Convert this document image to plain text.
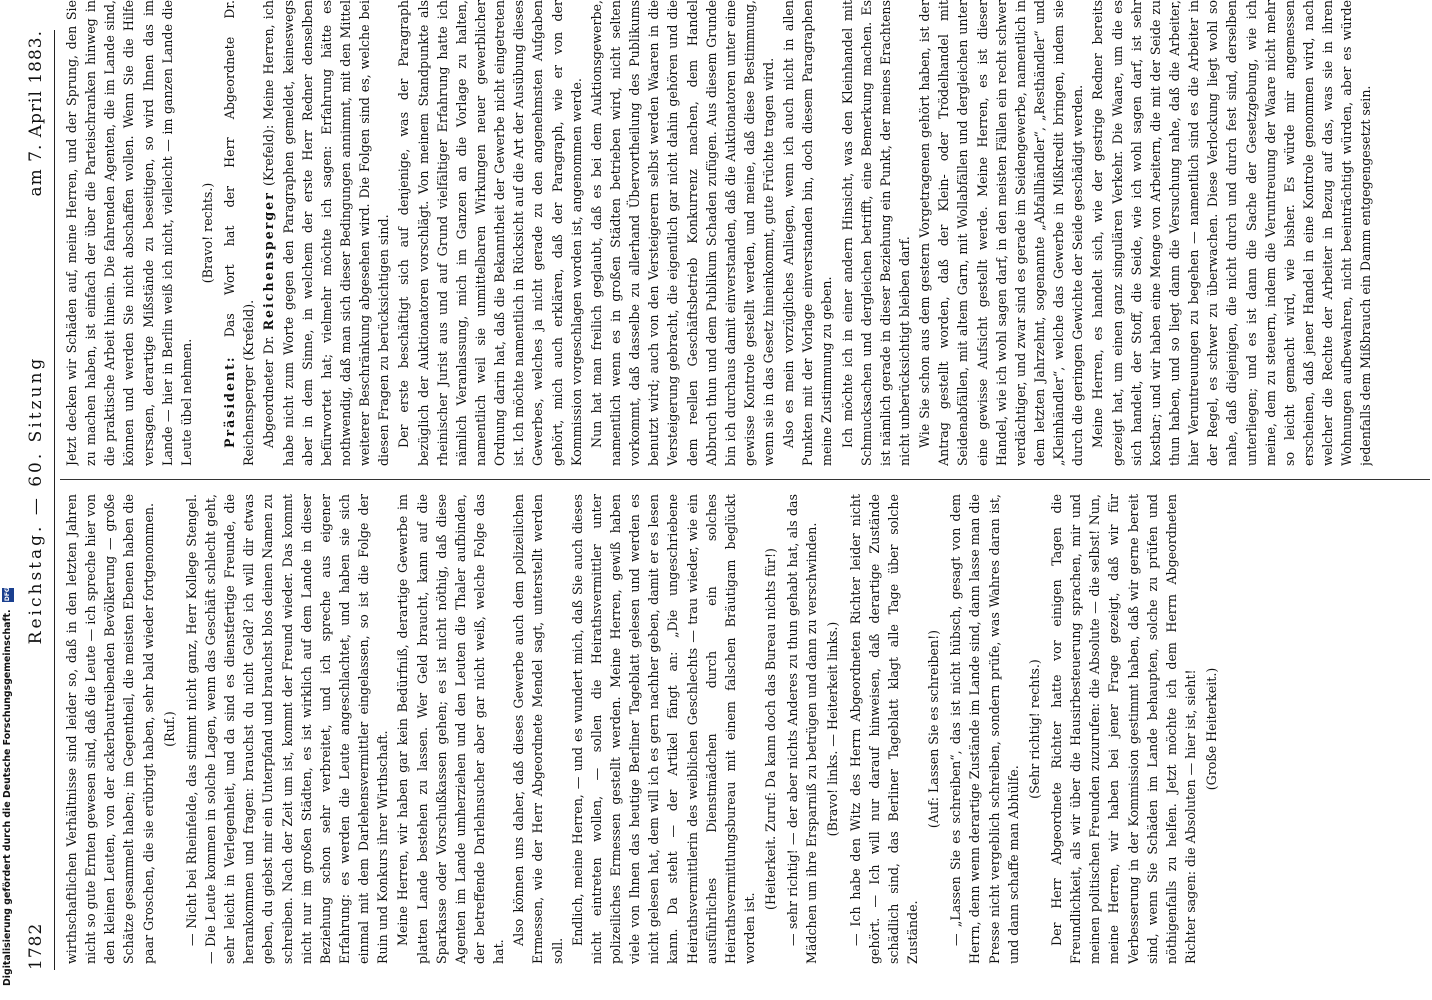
1782
Reichstag. — 60. Sitzung
am 7. April 1883.

wirthschaftlichen Verhältnisse sind leider so, daß in den letzten Jahren nicht so gute Ernten gewesen sind, daß die Leute — ich spreche hier von den kleinen Leuten, von der ackerbautreibenden Bevölkerung — große Schätze gesammelt haben; im Gegentheil, die meisten Ebenen haben die paar Groschen, die sie erübrigt haben, sehr bald wieder fortgenommen. (Ruf.) — Nicht bei Rheinfelde, das stimmt nicht ganz, Herr Kollege Stengel. — Die Leute kommen in solche Lagen, wenn das Geschäft schlecht geht, sehr leicht in Verlegenheit, und da sind es dienstfertige Freunde, die herankommen und fragen: brauchst du nicht Geld? ich will dir etwas geben, du giebst mir ein Unterpfand und brauchst blos deinen Namen zu schreiben. Nach der Zeit um ist, kommt der Freund wieder. Das kommt nicht nur im großen Städten, es ist wirklich auf dem Lande in dieser Beziehung schon sehr verbreitet, und ich spreche aus eigener Erfahrung: es werden die Leute angeschlachtet, und haben sie sich einmal mit dem Darlehensvermittler eingelassen, so ist die Folge der Ruin und Konkurs ihrer Wirthschaft. Meine Herren, wir haben gar kein Bedürfniß, derartige Gewerbe im platten Lande bestehen zu lassen. Wer Geld braucht, kann auf die Sparkasse oder Vorschußkassen gehen; es ist nicht nöthig, daß diese Agenten im Lande umherziehen und den Leuten die Thaler aufbinden, der betreffende Darlehnsucher aber gar nicht weiß, welche Folge das hat.

Also können uns daher, daß dieses Gewerbe auch dem polizeilichen Ermessen, wie der Herr Abgeordnete Mendel sagt, unterstellt werden soll.

Endlich, meine Herren, — und es wundert mich, daß Sie auch dieses nicht eintreten wollen, — sollen die Heirathsvermittler unter polizeiliches Ermessen gestellt werden. Meine Herren, gewiß haben viele von Ihnen das heutige Berliner Tageblatt gelesen und werden es nicht gelesen hat, dem will ich es gern nachher geben, damit er es lesen kann. Da steht — der Artikel fängt an: „Die ungeschriebene Heirathsvermittlerin des weiblichen Geschlechts — trau wieder, wie ein ausführliches Dienstmädchen durch ein solches Heirathsvermittlungsbureau mit einem falschen Bräutigam beglückt worden ist.

(Heiterkeit. Zuruf: Da kann doch das Bureau nichts für!) — sehr richtig! — der aber nichts Anderes zu thun gehabt hat, als das Mädchen um ihre Ersparniß zu betrügen und dann zu verschwinden. (Bravo! links. — Heiterkeit links.) — Ich habe den Witz des Herrn Abgeordneten Richter leider nicht gehört. — Ich will nur darauf hinweisen, daß derartige Zustände schädlich sind, das Berliner Tageblatt klagt alle Tage über solche Zustände.

(Auf: Lassen Sie es schreiben!) — „Lassen Sie es schreiben“, das ist nicht hübsch, gesagt von dem Herrn, denn wenn derartige Zustände im Lande sind, dann lasse man die Presse nicht vergeblich schreiben, sondern prüfe, was Wahres daran ist, und dann schaffe man Abhülfe.

(Sehr richtig! rechts.) Der Herr Abgeordnete Richter hatte vor einigen Tagen die Freundlichkeit, als wir über die Hausirbesteuerung sprachen, mir und meinen politischen Freunden zuzurufen: die Absolute — die selbst! Nun, meine Herren, wir haben bei jener Frage gezeigt, daß wir für Verbesserung in der Kommission gestimmt haben, daß wir gerne bereit sind, wenn Sie Schäden im Lande behaupten, solche zu prüfen und nöthigenfalls zu helfen. Jetzt möchte ich dem Herrn Abgeordneten Richter sagen: die Absoluten — hier ist, sieht! (Große Heiterkeit.)

Jetzt decken wir Schäden auf, meine Herren, und der Sprung, den Sie zu machen haben, ist einfach der über die Parteischranken hinweg in die praktische Arbeit hinein. Die fahrenden Agenten, die im Lande sind, können und werden Sie nicht abschaffen wollen. Wenn Sie die Hilfe versagen, derartige Mißstände zu beseitigen, so wird Ihnen das im Lande — hier in Berlin weiß ich nicht, vielleicht — im ganzen Lande die Leute übel nehmen.

(Bravo! rechts.)

Präsident: Das Wort hat der Herr Abgeordnete Dr. Reichensperger (Krefeld). Abgeordneter Dr. Reichensperger (Krefeld): Meine Herren, ich habe nicht zum Worte gegen den Paragraphen gemeldet, keineswegs aber in dem Sinne, in welchem der erste Herr Redner denselben befürwortet hat; vielmehr möchte ich sagen: Erfahrung hätte es nothwendig, daß man sich dieser Bedingungen annimmt, mit den Mittel weiterer Beschränkung abgesehen wird. Die Folgen sind es, welche bei diesen Fragen zu berücksichtigen sind. Der erste beschäftigt sich auf denjenige, was der Paragraph bezüglich der Auktionatoren vorschlägt. Von meinem Standpunkte als rheinischer Jurist aus und auf Grund vielfältiger Erfahrung hatte ich nämlich Veranlassung, mich im Ganzen an die Vorlage zu halten, namentlich weil sie unmittelbaren Wirkungen neuer gewerblicher Ordnung darin hat, daß die Bekanntheit der Gewerbe nicht eingetreten ist. Ich möchte namentlich in Rücksicht auf die Art der Ausübung dieses Gewerbes, welches ja nicht gerade zu den angenehmsten Aufgaben gehört, mich auch erklären, daß der Paragraph, wie er von der Kommission vorgeschlagen worden ist, angenommen werde. Nun hat man freilich geglaubt, daß es bei dem Auktionsgewerbe, namentlich wenn es in großen Städten betrieben wird, nicht selten vorkommt, daß dasselbe zu allerhand Übervortheilung des Publikums benutzt wird; auch von den Versteigerern selbst werden Waaren in die Versteigerung gebracht, die eigentlich gar nicht dahin gehören und die dem reellen Geschäftsbetrieb Konkurrenz machen, dem Handel Abbruch thun und dem Publikum Schaden zufügen. Aus diesem Grunde bin ich durchaus damit einverstanden, daß die Auktionatoren unter eine gewisse Kontrole gestellt werden, und meine, daß diese Bestimmung, wenn sie in das Gesetz hineinkommt, gute Früchte tragen wird. Also es mein vorzügliches Anliegen, wenn ich auch nicht in allen Punkten mit der Vorlage einverstanden bin, doch diesem Paragraphen meine Zustimmung zu geben. Ich möchte ich in einer andern Hinsicht, was den Kleinhandel mit Schmucksachen und dergleichen betrifft, eine Bemerkung machen. Es ist nämlich gerade in dieser Beziehung ein Punkt, der meines Erachtens nicht unberücksichtigt bleiben darf. Wie Sie schon aus dem gestern Vorgetragenen gehört haben, ist der Antrag gestellt worden, daß der Klein- oder Trödelhandel mit Seidenabfällen, mit altem Garn, mit Wollabfällen und dergleichen unter eine gewisse Aufsicht gestellt werde. Meine Herren, es ist dieser Handel, wie ich wohl sagen darf, in den meisten Fällen ein recht schwer verdächtiger, und zwar sind es gerade im Seidengewerbe, namentlich in dem letzten Jahrzehnt, sogenannte „Abfallhändler“, „Resthändler“ und „Kleinhändler“, welche das Gewerbe in Mißkredit bringen, indem sie durch die geringen Gewichte der Seide geschädigt werden. Meine Herren, es handelt sich, wie der gestrige Redner bereits gezeigt hat, um einen ganz singulären Verkehr. Die Waare, um die es sich handelt, der Stoff, die Seide, wie ich wohl sagen darf, ist sehr kostbar; und wir haben eine Menge von Arbeitern, die mit der Seide zu thun haben, und so liegt dann die Versuchung nahe, daß die Arbeiter, hier Veruntreuungen zu begehen — namentlich sind es die Arbeiter in der Regel, es schwer zu überwachen. Diese Verlockung liegt wohl so nahe, daß diejenigen, die nicht durch und durch fest sind, derselben unterliegen; und es ist dann die Sache der Gesetzgebung, wie ich meine, dem zu steuern, indem die Veruntreuung der Waare nicht mehr so leicht gemacht wird, wie bisher. Es würde mir angemessen erscheinen, daß jener Handel in eine Kontrole genommen wird, nach welcher die Rechte der Arbeiter in Bezug auf das, was sie in ihren Wohnungen aufbewahren, nicht beeinträchtigt würden, aber es würde jedenfalls dem Mißbrauch ein Damm entgegengesetzt sein.

Digitalisierung gefördert durch die Deutsche Forschungsgemeinschaft. DFG
